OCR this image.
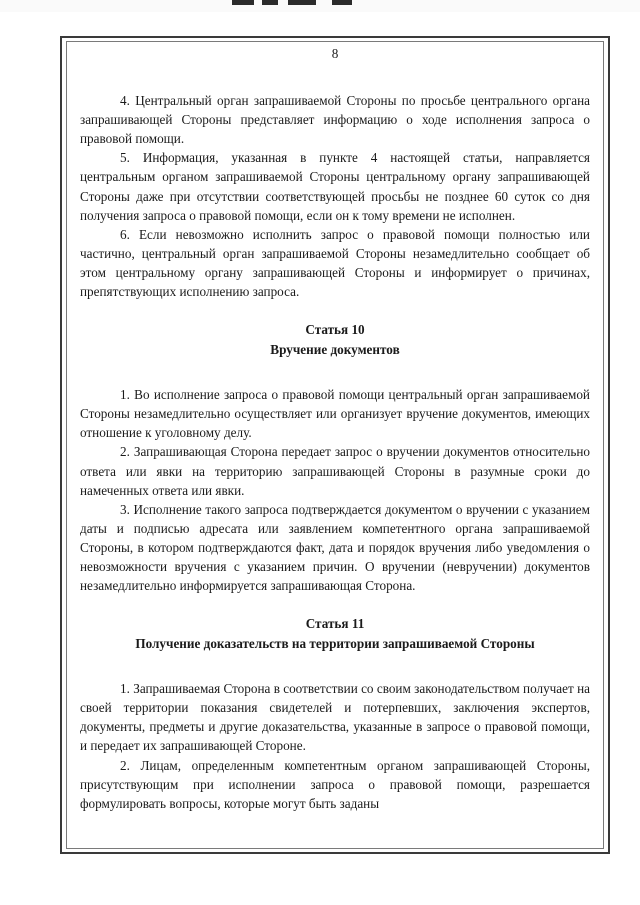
8

4. Центральный орган запрашиваемой Стороны по просьбе центрального органа запрашивающей Стороны представляет информацию о ходе исполнения запроса о правовой помощи.

5. Информация, указанная в пункте 4 настоящей статьи, направляется центральным органом запрашиваемой Стороны центральному органу запрашивающей Стороны даже при отсутствии соответствующей просьбы не позднее 60 суток со дня получения запроса о правовой помощи, если он к тому времени не исполнен.

6. Если невозможно исполнить запрос о правовой помощи полностью или частично, центральный орган запрашиваемой Стороны незамедлительно сообщает об этом центральному органу запрашивающей Стороны и информирует о причинах, препятствующих исполнению запроса.

Статья 10
Вручение документов

1. Во исполнение запроса о правовой помощи центральный орган запрашиваемой Стороны незамедлительно осуществляет или организует вручение документов, имеющих отношение к уголовному делу.

2. Запрашивающая Сторона передает запрос о вручении документов относительно ответа или явки на территорию запрашивающей Стороны в разумные сроки до намеченных ответа или явки.

3. Исполнение такого запроса подтверждается документом о вручении с указанием даты и подписью адресата или заявлением компетентного органа запрашиваемой Стороны, в котором подтверждаются факт, дата и порядок вручения либо уведомления о невозможности вручения с указанием причин. О вручении (невручении) документов незамедлительно информируется запрашивающая Сторона.

Статья 11
Получение доказательств на территории запрашиваемой Стороны

1. Запрашиваемая Сторона в соответствии со своим законодательством получает на своей территории показания свидетелей и потерпевших, заключения экспертов, документы, предметы и другие доказательства, указанные в запросе о правовой помощи, и передает их запрашивающей Стороне.

2. Лицам, определенным компетентным органом запрашивающей Стороны, присутствующим при исполнении запроса о правовой помощи, разрешается формулировать вопросы, которые могут быть заданы
